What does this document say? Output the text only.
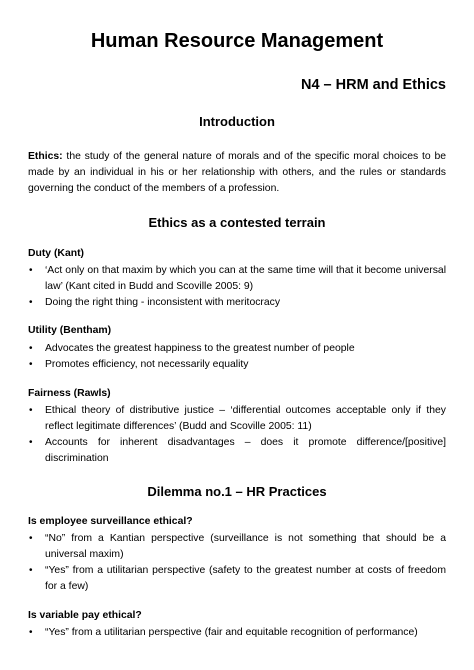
Human Resource Management
N4 – HRM and Ethics
Introduction

Ethics: the study of the general nature of morals and of the specific moral choices to be made by an individual in his or her relationship with others, and the rules or standards governing the conduct of the members of a profession.

Ethics as a contested terrain
Duty (Kant)
• ‘Act only on that maxim by which you can at the same time will that it become universal law’ (Kant cited in Budd and Scoville 2005: 9)
• Doing the right thing - inconsistent with meritocracy
Utility (Bentham)
• Advocates the greatest happiness to the greatest number of people
• Promotes efficiency, not necessarily equality
Fairness (Rawls)
• Ethical theory of distributive justice – ‘differential outcomes acceptable only if they reflect legitimate differences’ (Budd and Scoville 2005: 11)
• Accounts for inherent disadvantages – does it promote difference/[positive] discrimination
Dilemma no.1 – HR Practices
Is employee surveillance ethical?
• “No” from a Kantian perspective (surveillance is not something that should be a universal maxim)
• “Yes” from a utilitarian perspective (safety to the greatest number at costs of freedom for a few)
Is variable pay ethical?
• “Yes” from a utilitarian perspective (fair and equitable recognition of performance)
